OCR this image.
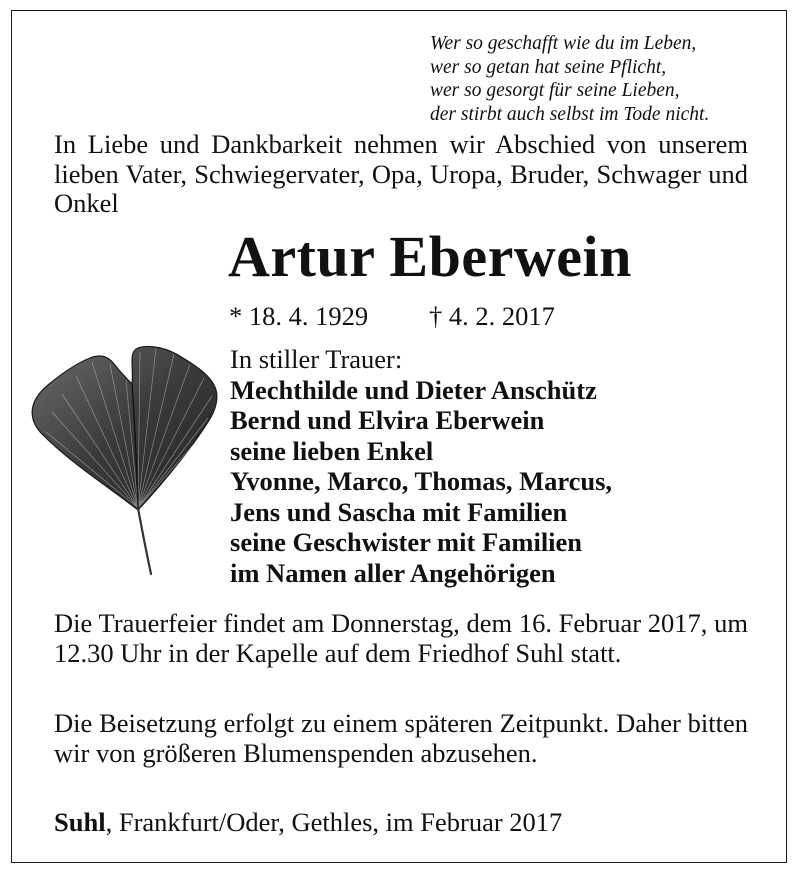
Wer so geschafft wie du im Leben,
wer so getan hat seine Pflicht,
wer so gesorgt für seine Lieben,
der stirbt auch selbst im Tode nicht.
In Liebe und Dankbarkeit nehmen wir Abschied von unserem lieben Vater, Schwiegervater, Opa, Uropa, Bruder, Schwager und Onkel
Artur Eberwein
* 18. 4. 1929 † 4. 2. 2017
In stiller Trauer:
Mechthilde und Dieter Anschütz
Bernd und Elvira Eberwein
seine lieben Enkel
Yvonne, Marco, Thomas, Marcus,
Jens und Sascha mit Familien
seine Geschwister mit Familien
im Namen aller Angehörigen
Die Trauerfeier findet am Donnerstag, dem 16. Februar 2017, um 12.30 Uhr in der Kapelle auf dem Friedhof Suhl statt.
Die Beisetzung erfolgt zu einem späteren Zeitpunkt. Daher bitten wir von größeren Blumenspenden abzusehen.
Suhl, Frankfurt/Oder, Gethles, im Februar 2017
